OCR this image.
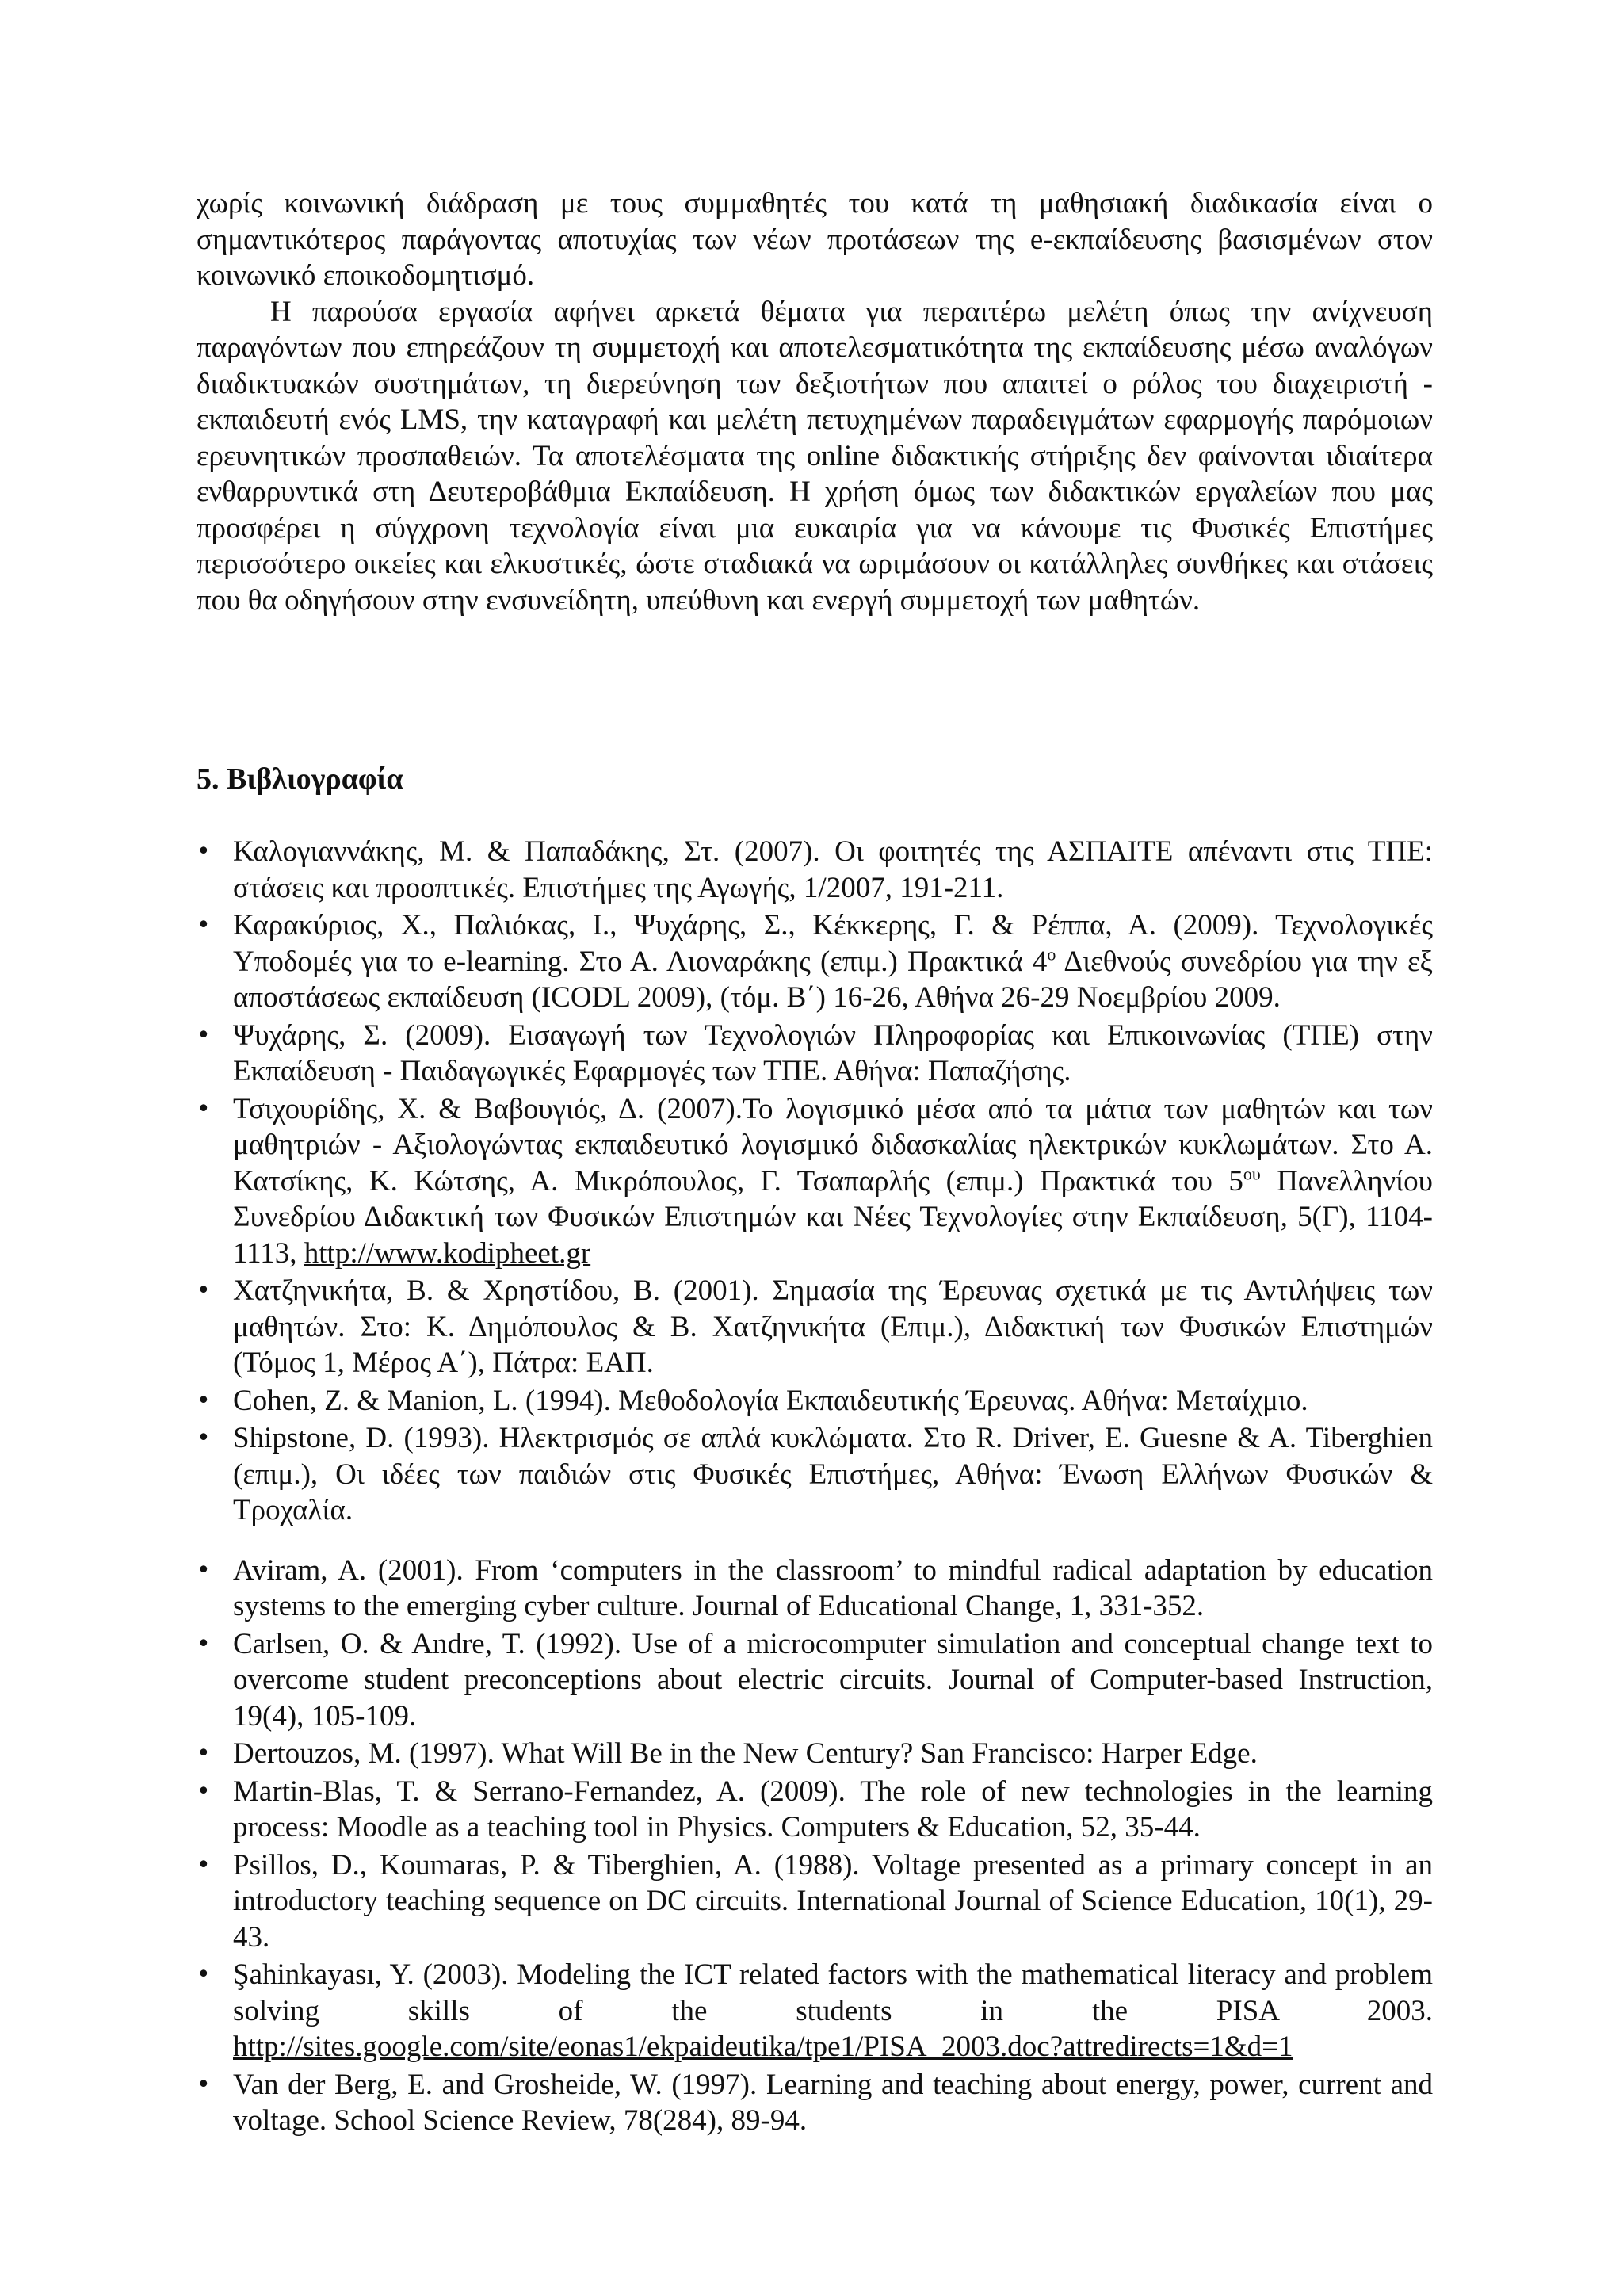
χωρίς κοινωνική διάδραση με τους συμμαθητές του κατά τη μαθησιακή διαδικασία είναι ο σημαντικότερος παράγοντας αποτυχίας των νέων προτάσεων της e-εκπαίδευσης βασισμένων στον κοινωνικό εποικοδομητισμό.

Η παρούσα εργασία αφήνει αρκετά θέματα για περαιτέρω μελέτη όπως την ανίχνευση παραγόντων που επηρεάζουν τη συμμετοχή και αποτελεσματικότητα της εκπαίδευσης μέσω αναλόγων διαδικτυακών συστημάτων, τη διερεύνηση των δεξιοτήτων που απαιτεί ο ρόλος του διαχειριστή - εκπαιδευτή ενός LMS, την καταγραφή και μελέτη πετυχημένων παραδειγμάτων εφαρμογής παρόμοιων ερευνητικών προσπαθειών. Τα αποτελέσματα της online διδακτικής στήριξης δεν φαίνονται ιδιαίτερα ενθαρρυντικά στη Δευτεροβάθμια Εκπαίδευση. Η χρήση όμως των διδακτικών εργαλείων που μας προσφέρει η σύγχρονη τεχνολογία είναι μια ευκαιρία για να κάνουμε τις Φυσικές Επιστήμες περισσότερο οικείες και ελκυστικές, ώστε σταδιακά να ωριμάσουν οι κατάλληλες συνθήκες και στάσεις που θα οδηγήσουν στην ενσυνείδητη, υπεύθυνη και ενεργή συμμετοχή των μαθητών.

5. Βιβλιογραφία
• Καλογιαννάκης, Μ. & Παπαδάκης, Στ. (2007). Οι φοιτητές της ΑΣΠΑΙΤΕ απέναντι στις ΤΠΕ: στάσεις και προοπτικές. Επιστήμες της Αγωγής, 1/2007, 191-211.
• Καρακύριος, Χ., Παλιόκας, Ι., Ψυχάρης, Σ., Κέκκερης, Γ. & Ρέππα, Α. (2009). Τεχνολογικές Υποδομές για το e-learning. Στο Α. Λιοναράκης (επιμ.) Πρακτικά $4^o$ Διεθνούς συνεδρίου για την εξ αποστάσεως εκπαίδευση (ICODL 2009), (τόμ. Β΄) 16-26, Αθήνα 26-29 Νοεμβρίου 2009.
• Ψυχάρης, Σ. (2009). Εισαγωγή των Τεχνολογιών Πληροφορίας και Επικοινωνίας (ΤΠΕ) στην Εκπαίδευση - Παιδαγωγικές Εφαρμογές των ΤΠΕ. Αθήνα: Παπαζήσης.
• Τσιχουρίδης, Χ. & Βαβουγιός, Δ. (2007).Το λογισμικό μέσα από τα μάτια των μαθητών και των μαθητριών - Αξιολογώντας εκπαιδευτικό λογισμικό διδασκαλίας ηλεκτρικών κυκλωμάτων. Στο Α. Κατσίκης, Κ. Κώτσης, Α. Μικρόπουλος, Γ. Τσαπαρλής (επιμ.) Πρακτικά του $5^{o\upsilon}$ Πανελληνίου Συνεδρίου Διδακτική των Φυσικών Επιστημών και Νέες Τεχνολογίες στην Εκπαίδευση, 5(Γ), 1104-1113, http://www.kodipheet.gr
• Χατζηνικήτα, Β. & Χρηστίδου, Β. (2001). Σημασία της Έρευνας σχετικά με τις Αντιλήψεις των μαθητών. Στο: Κ. Δημόπουλος & Β. Χατζηνικήτα (Επιμ.), Διδακτική των Φυσικών Επιστημών (Τόμος 1, Μέρος Α΄), Πάτρα: ΕΑΠ.
• Cohen, Z. & Manion, L. (1994). Μεθοδολογία Εκπαιδευτικής Έρευνας. Αθήνα: Μεταίχμιο.
• Shipstone, D. (1993). Ηλεκτρισμός σε απλά κυκλώματα. Στο R. Driver, E. Guesne & A. Tiberghien (επιμ.), Οι ιδέες των παιδιών στις Φυσικές Επιστήμες, Αθήνα: Ένωση Ελλήνων Φυσικών & Τροχαλία.
• Aviram, A. (2001). From ‘computers in the classroom’ to mindful radical adaptation by education systems to the emerging cyber culture. Journal of Educational Change, 1, 331-352.
• Carlsen, O. & Andre, T. (1992). Use of a microcomputer simulation and conceptual change text to overcome student preconceptions about electric circuits. Journal of Computer-based Instruction, 19(4), 105-109.
• Dertouzos, M. (1997). What Will Be in the New Century? San Francisco: Harper Edge.
• Martin-Blas, T. & Serrano-Fernandez, A. (2009). The role of new technologies in the learning process: Moodle as a teaching tool in Physics. Computers & Education, 52, 35-44.
• Psillos, D., Koumaras, P. & Tiberghien, A. (1988). Voltage presented as a primary concept in an introductory teaching sequence on DC circuits. International Journal of Science Education, 10(1), 29-43.
• Şahinkayası, Y. (2003). Modeling the ICT related factors with the mathematical literacy and problem solving skills of the students in the PISA 2003. http://sites.google.com/site/eonas1/ekpaideutika/tpe1/PISA_2003.doc?attredirects=1&d=1
• Van der Berg, E. and Grosheide, W. (1997). Learning and teaching about energy, power, current and voltage. School Science Review, 78(284), 89-94.
